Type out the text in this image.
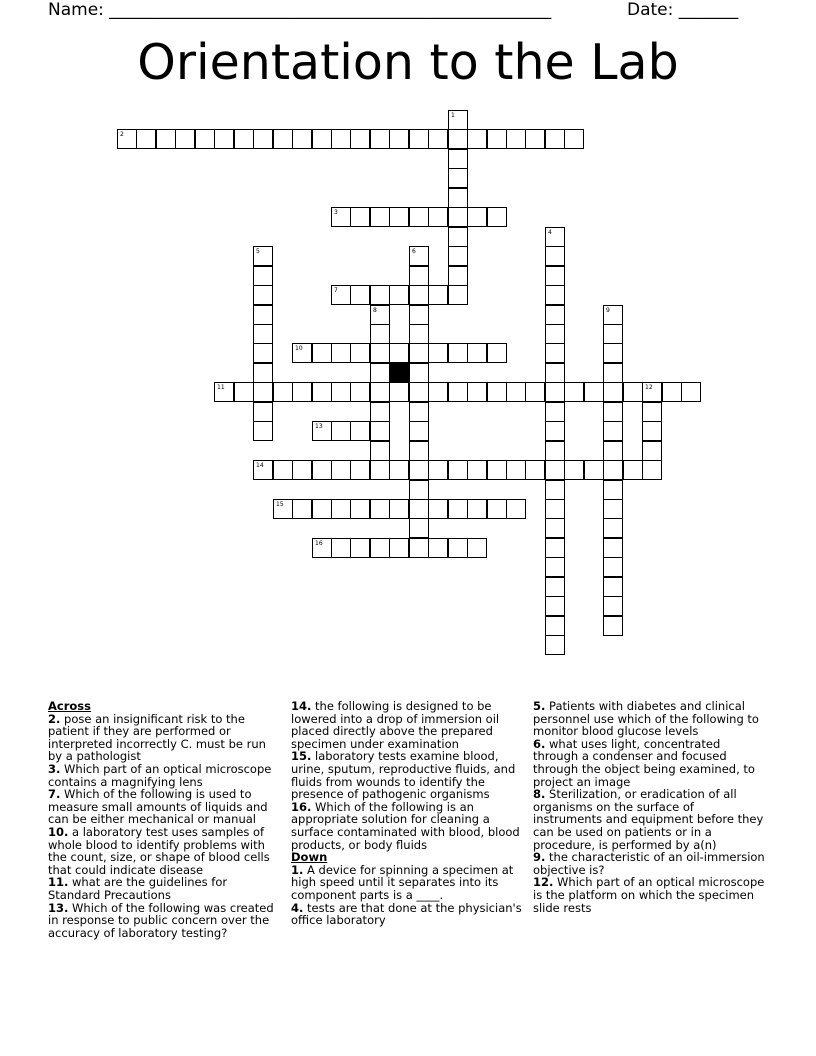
Name: ____________________________________________________	Date: _______
Orientation to the Lab
2
1
3
4
5	6
7
8	9
10
11	12
13
14
15
16

Across

2. pose an insignificant risk to the patient if they are performed or interpreted incorrectly C. must be run by a pathologist

3. Which part of an optical microscope contains a magnifying lens

7. Which of the following is used to measure small amounts of liquids and can be either mechanical or manual

10. a laboratory test uses samples of whole blood to identify problems with the count, size, or shape of blood cells that could indicate disease

11. what are the guidelines for Standard Precautions

13. Which of the following was created in response to public concern over the accuracy of laboratory testing?

14. the following is designed to be lowered into a drop of immersion oil placed directly above the prepared specimen under examination

15. laboratory tests examine blood, urine, sputum, reproductive fluids, and fluids from wounds to identify the presence of pathogenic organisms

16. Which of the following is an appropriate solution for cleaning a surface contaminated with blood, blood products, or body fluids

Down

1. A device for spinning a specimen at high speed until it separates into its component parts is a ____.

4. tests are that done at the physician's office laboratory

5. Patients with diabetes and clinical personnel use which of the following to monitor blood glucose levels

6. what uses light, concentrated through a condenser and focused through the object being examined, to project an image

8. Sterilization, or eradication of all organisms on the surface of instruments and equipment before they can be used on patients or in a procedure, is performed by a(n)

9. the characteristic of an oil-immersion objective is?

12. Which part of an optical microscope is the platform on which the specimen slide rests
